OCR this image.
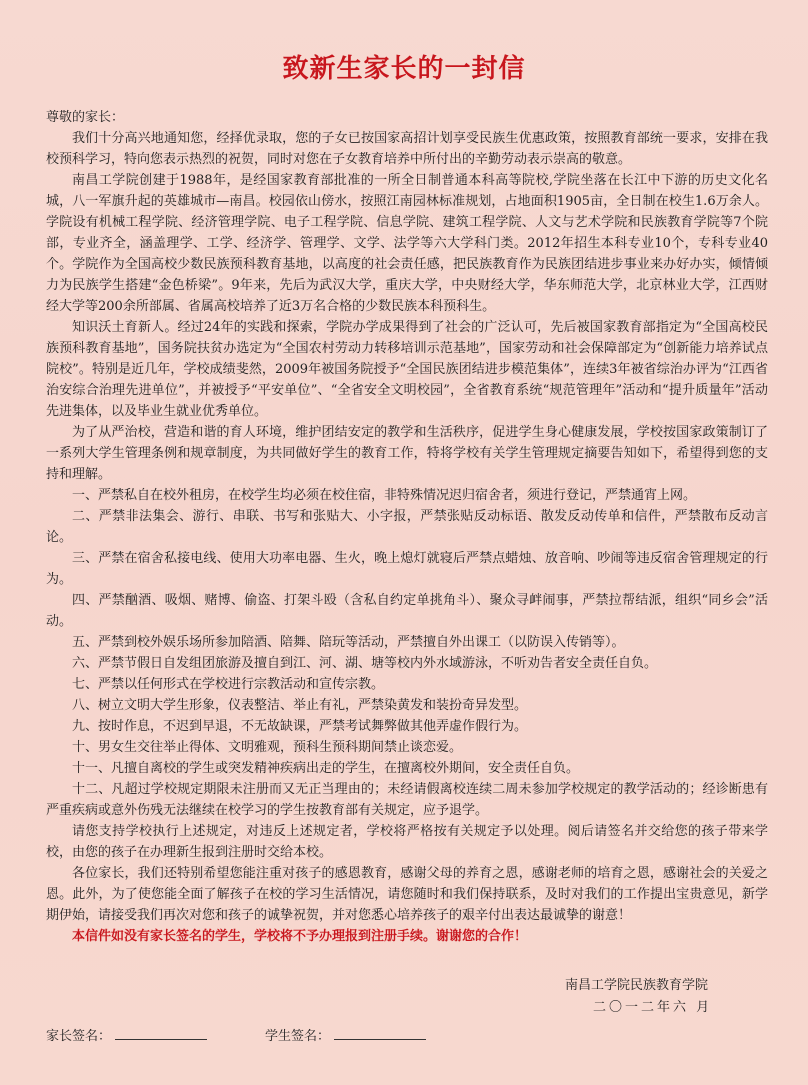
致新生家长的一封信

尊敬的家长：

我们十分高兴地通知您，经择优录取，您的子女已按国家高招计划享受民族生优惠政策，按照教育部统一要求，安排在我校预科学习，特向您表示热烈的祝贺，同时对您在子女教育培养中所付出的辛勤劳动表示崇高的敬意。

南昌工学院创建于1988年，是经国家教育部批准的一所全日制普通本科高等院校,学院坐落在长江中下游的历史文化名城，八一军旗升起的英雄城市—南昌。校园依山傍水，按照江南园林标准规划，占地面积1905亩，全日制在校生1.6万余人。学院设有机械工程学院、经济管理学院、电子工程学院、信息学院、建筑工程学院、人文与艺术学院和民族教育学院等7个院部，专业齐全，涵盖理学、工学、经济学、管理学、文学、法学等六大学科门类。2012年招生本科专业10个，专科专业40个。学院作为全国高校少数民族预科教育基地，以高度的社会责任感，把民族教育作为民族团结进步事业来办好办实，倾情倾力为民族学生搭建“金色桥梁”。9年来，先后为武汉大学，重庆大学，中央财经大学，华东师范大学，北京林业大学，江西财经大学等200余所部属、省属高校培养了近3万名合格的少数民族本科预科生。

知识沃土育新人。经过24年的实践和探索，学院办学成果得到了社会的广泛认可，先后被国家教育部指定为“全国高校民族预科教育基地”，国务院扶贫办选定为“全国农村劳动力转移培训示范基地”，国家劳动和社会保障部定为“创新能力培养试点院校”。特别是近几年，学校成绩斐然，2009年被国务院授予“全国民族团结进步模范集体”，连续3年被省综治办评为“江西省治安综合治理先进单位”，并被授予“平安单位”、“全省安全文明校园”，全省教育系统“规范管理年”活动和“提升质量年”活动先进集体，以及毕业生就业优秀单位。

为了从严治校，营造和谐的育人环境，维护团结安定的教学和生活秩序，促进学生身心健康发展，学校按国家政策制订了一系列大学生管理条例和规章制度，为共同做好学生的教育工作，特将学校有关学生管理规定摘要告知如下，希望得到您的支持和理解。

一、严禁私自在校外租房，在校学生均必须在校住宿，非特殊情况迟归宿舍者，须进行登记，严禁通宵上网。

二、严禁非法集会、游行、串联、书写和张贴大、小字报，严禁张贴反动标语、散发反动传单和信件，严禁散布反动言论。

三、严禁在宿舍私接电线、使用大功率电器、生火，晚上熄灯就寝后严禁点蜡烛、放音响、吵闹等违反宿舍管理规定的行为。

四、严禁酗酒、吸烟、赌博、偷盗、打架斗殴（含私自约定单挑角斗）、聚众寻衅闹事，严禁拉帮结派，组织“同乡会”活动。

五、严禁到校外娱乐场所参加陪酒、陪舞、陪玩等活动，严禁擅自外出课工（以防误入传销等）。

六、严禁节假日自发组团旅游及擅自到江、河、湖、塘等校内外水域游泳，不听劝告者安全责任自负。

七、严禁以任何形式在学校进行宗教活动和宣传宗教。

八、树立文明大学生形象，仪表整洁、举止有礼，严禁染黄发和装扮奇异发型。

九、按时作息，不迟到早退，不无故缺课，严禁考试舞弊做其他弄虚作假行为。

十、男女生交往举止得体、文明雅观，预科生预科期间禁止谈恋爱。

十一、凡擅自离校的学生或突发精神疾病出走的学生，在擅离校外期间，安全责任自负。

十二、凡超过学校规定期限未注册而又无正当理由的；未经请假离校连续二周未参加学校规定的教学活动的；经诊断患有严重疾病或意外伤残无法继续在校学习的学生按教育部有关规定，应予退学。

请您支持学校执行上述规定，对违反上述规定者，学校将严格按有关规定予以处理。阅后请签名并交给您的孩子带来学校，由您的孩子在办理新生报到注册时交给本校。

各位家长，我们还特别希望您能注重对孩子的感恩教育，感谢父母的养育之恩，感谢老师的培育之恩，感谢社会的关爱之恩。此外，为了使您能全面了解孩子在校的学习生活情况，请您随时和我们保持联系，及时对我们的工作提出宝贵意见，新学期伊始，请接受我们再次对您和孩子的诚挚祝贺，并对您悉心培养孩子的艰辛付出表达最诚挚的谢意！

本信件如没有家长签名的学生，学校将不予办理报到注册手续。谢谢您的合作！

南昌工学院民族教育学院
二〇一二年六 月
家长签名：	学生签名：
